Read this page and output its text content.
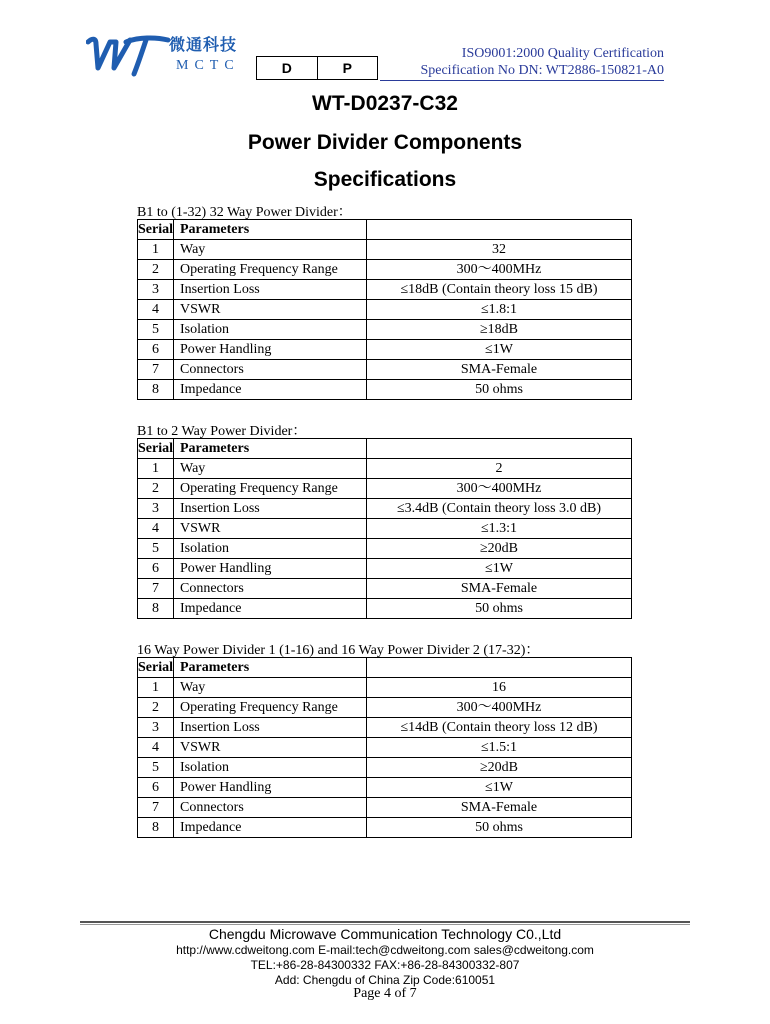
微通科技
MCTC	D	P
ISO9001:2000 Quality Certification
Specification No DN: WT2886-150821-A0
WT-D0237-C32
Power Divider Components
Specifications
B1 to (1-32) 32 Way Power Divider：
Serial	Parameters	
1	Way	32
2	Operating Frequency Range	300～400MHz
3	Insertion Loss	≤18dB (Contain theory loss 15 dB)
4	VSWR	≤1.8:1
5	Isolation	≥18dB
6	Power Handling	≤1W
7	Connectors	SMA-Female
8	Impedance	50 ohms
B1 to 2 Way Power Divider：
Serial	Parameters	
1	Way	2
2	Operating Frequency Range	300～400MHz
3	Insertion Loss	≤3.4dB (Contain theory loss 3.0 dB)
4	VSWR	≤1.3:1
5	Isolation	≥20dB
6	Power Handling	≤1W
7	Connectors	SMA-Female
8	Impedance	50 ohms
16 Way Power Divider 1 (1-16) and 16 Way Power Divider 2 (17-32)：
Serial	Parameters	
1	Way	16
2	Operating Frequency Range	300～400MHz
3	Insertion Loss	≤14dB (Contain theory loss 12 dB)
4	VSWR	≤1.5:1
5	Isolation	≥20dB
6	Power Handling	≤1W
7	Connectors	SMA-Female
8	Impedance	50 ohms
Chengdu Microwave Communication Technology C0.,Ltd
http://www.cdweitong.com E-mail:tech@cdweitong.com sales@cdweitong.com
TEL:+86-28-84300332 FAX:+86-28-84300332-807
Add: Chengdu of China Zip Code:610051
Page 4 of 7
